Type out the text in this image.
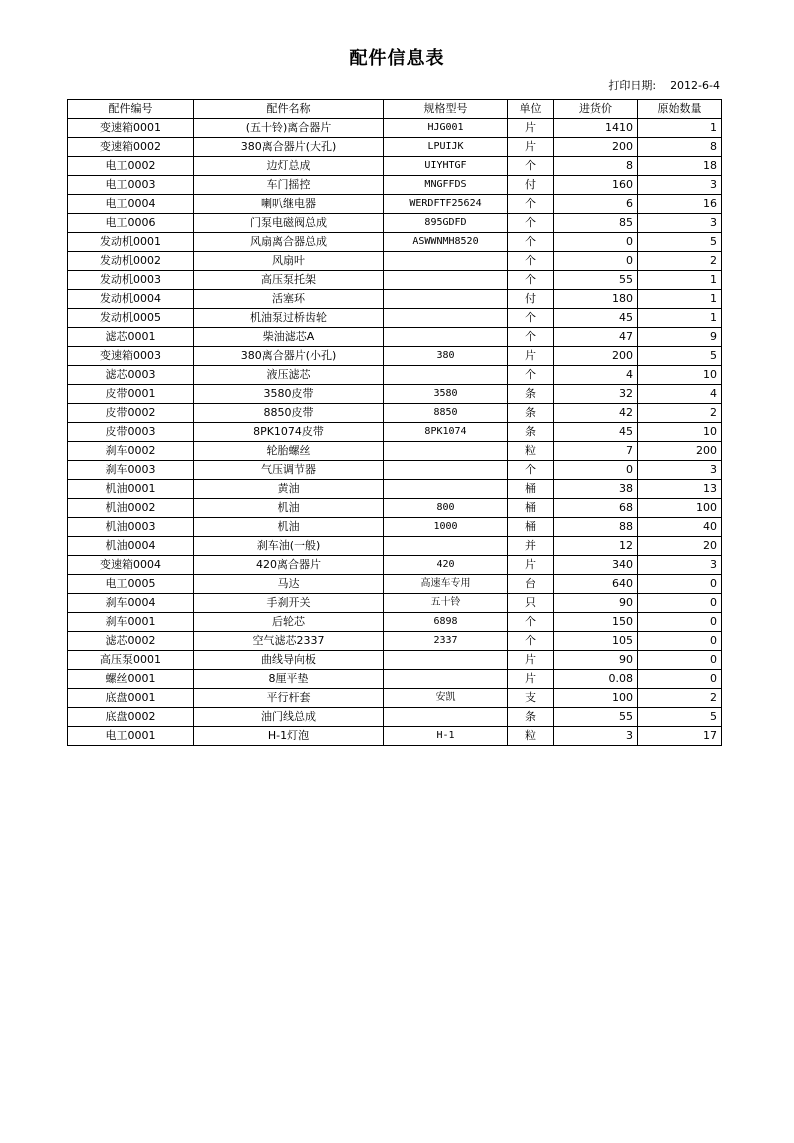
配件信息表
打印日期: 2012-6-4
配件编号	配件名称	规格型号	单位	进货价	原始数量
变速箱0001	(五十铃)离合器片	HJG001	片	1410	1
变速箱0002	380离合器片(大孔)	LPUIJK	片	200	8
电工0002	边灯总成	UIYHTGF	个	8	18
电工0003	车门摇控	MNGFFDS	付	160	3
电工0004	喇叭继电器	WERDFTF25624	个	6	16
电工0006	门泵电磁阀总成	895GDFD	个	85	3
发动机0001	风扇离合器总成	ASWWNMH8520	个	0	5
发动机0002	风扇叶		个	0	2
发动机0003	高压泵托架		个	55	1
发动机0004	活塞环		付	180	1
发动机0005	机油泵过桥齿轮		个	45	1
滤芯0001	柴油滤芯A		个	47	9
变速箱0003	380离合器片(小孔)	380	片	200	5
滤芯0003	液压滤芯		个	4	10
皮带0001	3580皮带	3580	条	32	4
皮带0002	8850皮带	8850	条	42	2
皮带0003	8PK1074皮带	8PK1074	条	45	10
刹车0002	轮胎螺丝		粒	7	200
刹车0003	气压调节器		个	0	3
机油0001	黄油		桶	38	13
机油0002	机油	800	桶	68	100
机油0003	机油	1000	桶	88	40
机油0004	刹车油(一般)		并	12	20
变速箱0004	420离合器片	420	片	340	3
电工0005	马达	高速车专用	台	640	0
刹车0004	手刹开关	五十铃	只	90	0
刹车0001	后轮芯	6898	个	150	0
滤芯0002	空气滤芯2337	2337	个	105	0
高压泵0001	曲线导向板		片	90	0
螺丝0001	8厘平垫		片	0.08	0
底盘0001	平行杆套	安凯	支	100	2
底盘0002	油门线总成		条	55	5
电工0001	H-1灯泡	H-1	粒	3	17
